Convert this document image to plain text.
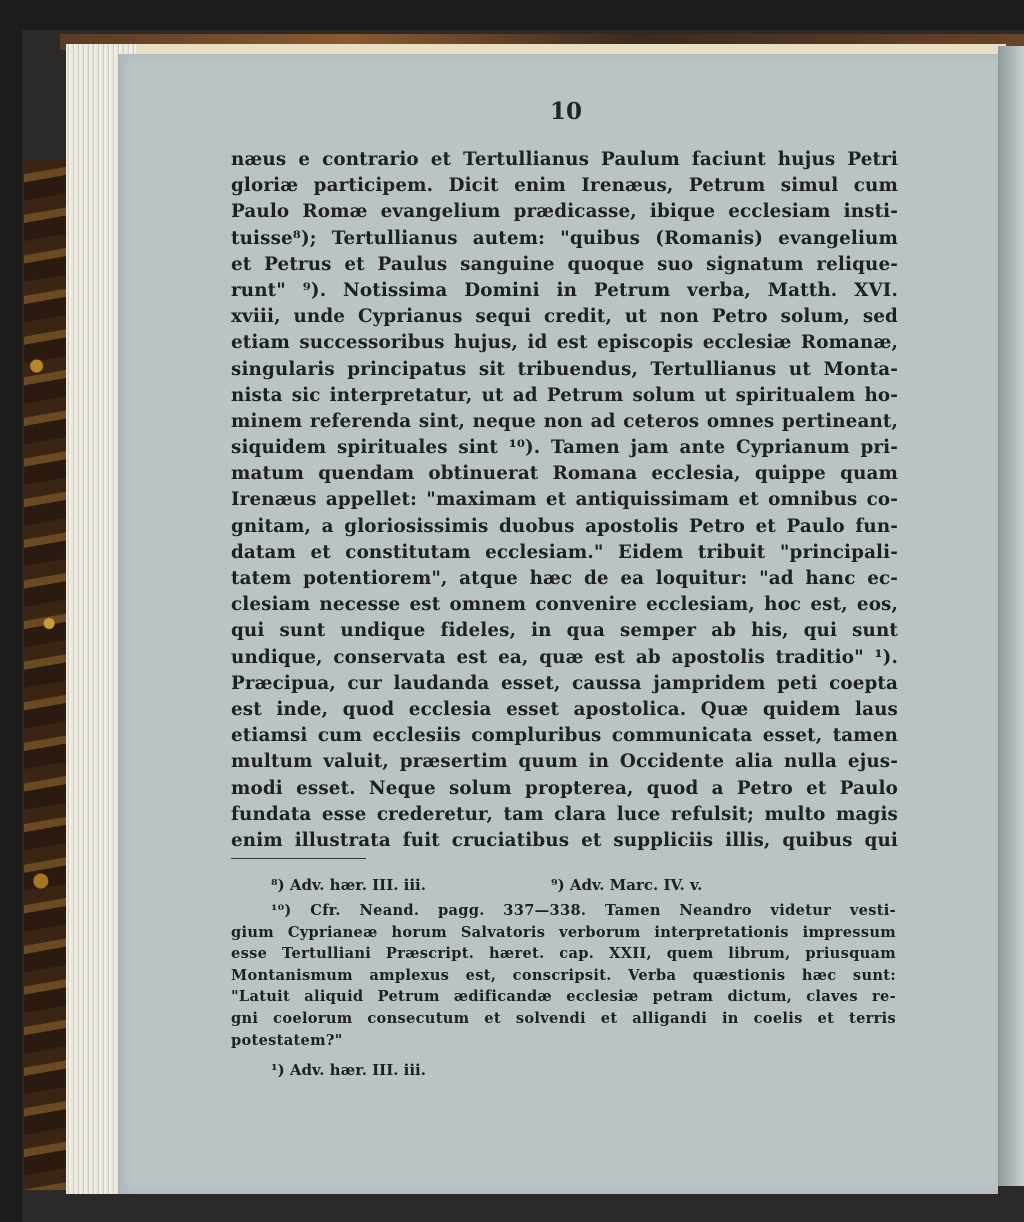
10
næus e contrario et Tertullianus Paulum faciunt hujus Petri
gloriæ participem. Dicit enim Irenæus, Petrum simul cum
Paulo Romæ evangelium prædicasse, ibique ecclesiam insti-
tuisse⁸); Tertullianus autem: "quibus (Romanis) evangelium
et Petrus et Paulus sanguine quoque suo signatum relique-
runt" ⁹). Notissima Domini in Petrum verba, Matth. XVI.
xviii, unde Cyprianus sequi credit, ut non Petro solum, sed
etiam successoribus hujus, id est episcopis ecclesiæ Romanæ,
singularis principatus sit tribuendus, Tertullianus ut Monta-
nista sic interpretatur, ut ad Petrum solum ut spiritualem ho-
minem referenda sint, neque non ad ceteros omnes pertineant,
siquidem spirituales sint ¹⁰). Tamen jam ante Cyprianum pri-
matum quendam obtinuerat Romana ecclesia, quippe quam
Irenæus appellet: "maximam et antiquissimam et omnibus co-
gnitam, a gloriosissimis duobus apostolis Petro et Paulo fun-
datam et constitutam ecclesiam." Eidem tribuit "principali-
tatem potentiorem", atque hæc de ea loquitur: "ad hanc ec-
clesiam necesse est omnem convenire ecclesiam, hoc est, eos,
qui sunt undique fideles, in qua semper ab his, qui sunt
undique, conservata est ea, quæ est ab apostolis traditio" ¹).
Præcipua, cur laudanda esset, caussa jampridem peti coepta
est inde, quod ecclesia esset apostolica. Quæ quidem laus
etiamsi cum ecclesiis compluribus communicata esset, tamen
multum valuit, præsertim quum in Occidente alia nulla ejus-
modi esset. Neque solum propterea, quod a Petro et Paulo
fundata esse crederetur, tam clara luce refulsit; multo magis
enim illustrata fuit cruciatibus et suppliciis illis, quibus qui
⁸) Adv. hær. III. iii.	⁹) Adv. Marc. IV. v.
¹⁰) Cfr. Neand. pagg. 337—338. Tamen Neandro videtur vesti-
gium Cyprianeæ horum Salvatoris verborum interpretationis impressum
esse Tertulliani Præscript. hæret. cap. XXII, quem librum, priusquam
Montanismum amplexus est, conscripsit. Verba quæstionis hæc sunt:
"Latuit aliquid Petrum ædificandæ ecclesiæ petram dictum, claves re-
gni coelorum consecutum et solvendi et alligandi in coelis et terris
potestatem?"
¹) Adv. hær. III. iii.
